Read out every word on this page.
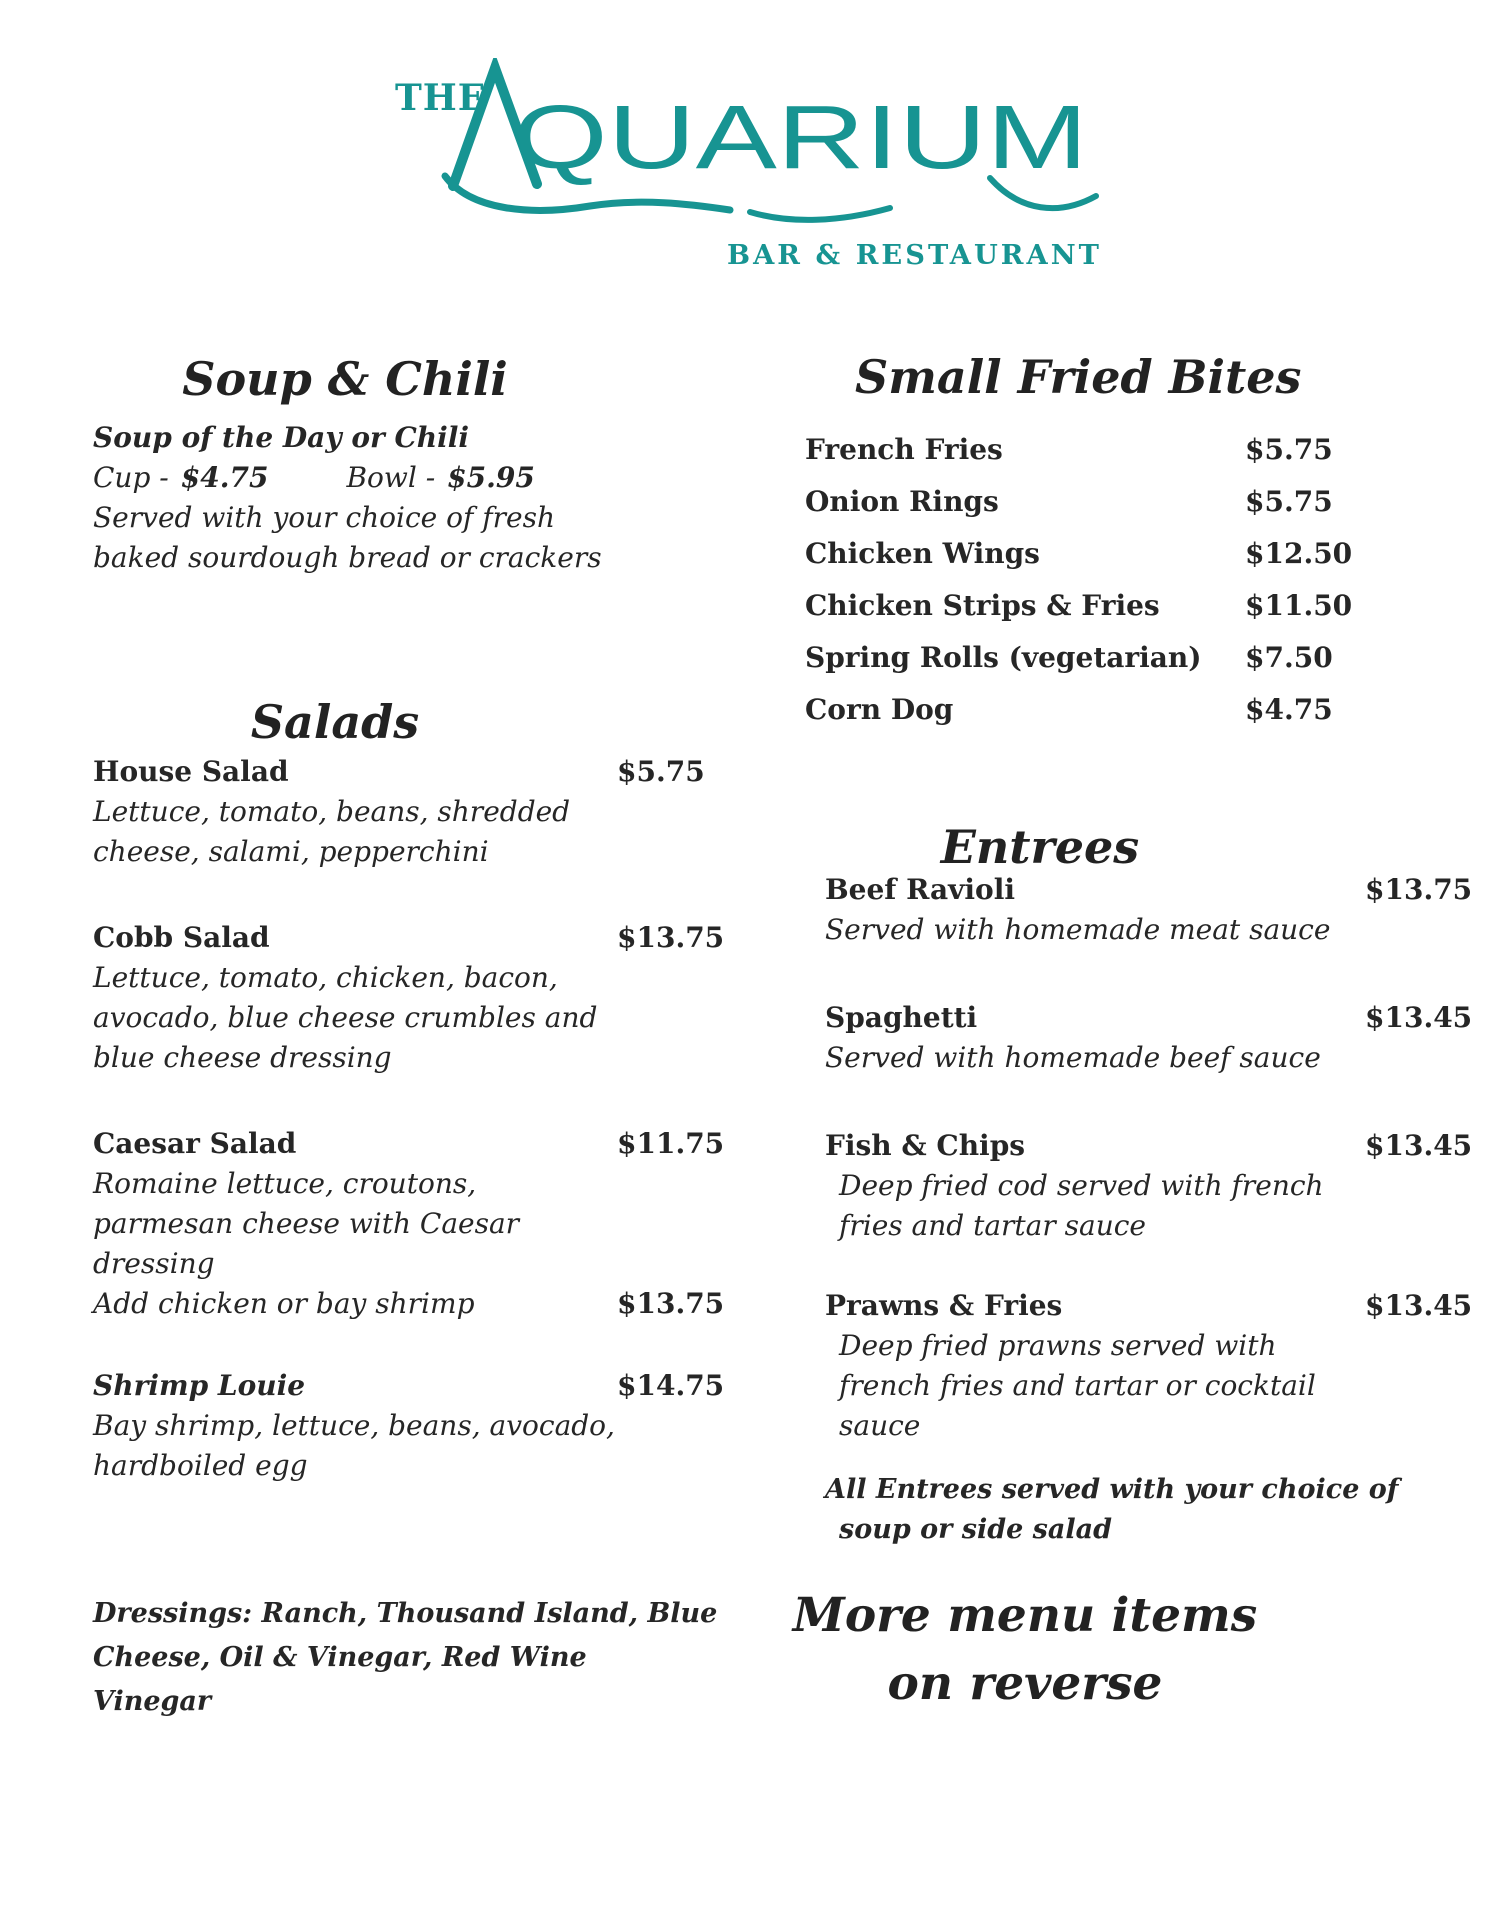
THE QUARIUM
BAR & RESTAURANT
Soup & Chili
Soup of the Day or Chili
Cup - $4.75	Bowl - $5.95
Served with your choice of fresh
baked sourdough bread or crackers
Salads
House Salad	$5.75
Lettuce, tomato, beans, shredded
cheese, salami, pepperchini
Cobb Salad	$13.75
Lettuce, tomato, chicken, bacon,
avocado, blue cheese crumbles and
blue cheese dressing
Caesar Salad	$11.75
Romaine lettuce, croutons,
parmesan cheese with Caesar
dressing
Add chicken or bay shrimp	$13.75
Shrimp Louie	$14.75
Bay shrimp, lettuce, beans, avocado,
hardboiled egg
Dressings: Ranch, Thousand Island, Blue
Cheese, Oil & Vinegar, Red Wine
Vinegar
Small Fried Bites
French Fries	$5.75
Onion Rings	$5.75
Chicken Wings	$12.50
Chicken Strips & Fries	$11.50
Spring Rolls (vegetarian)	$7.50
Corn Dog	$4.75
Entrees
Beef Ravioli	$13.75
Served with homemade meat sauce
Spaghetti	$13.45
Served with homemade beef sauce
Fish & Chips	$13.45
Deep fried cod served with french
fries and tartar sauce
Prawns & Fries	$13.45
Deep fried prawns served with
french fries and tartar or cocktail
sauce
All Entrees served with your choice of
soup or side salad
More menu items
on reverse
